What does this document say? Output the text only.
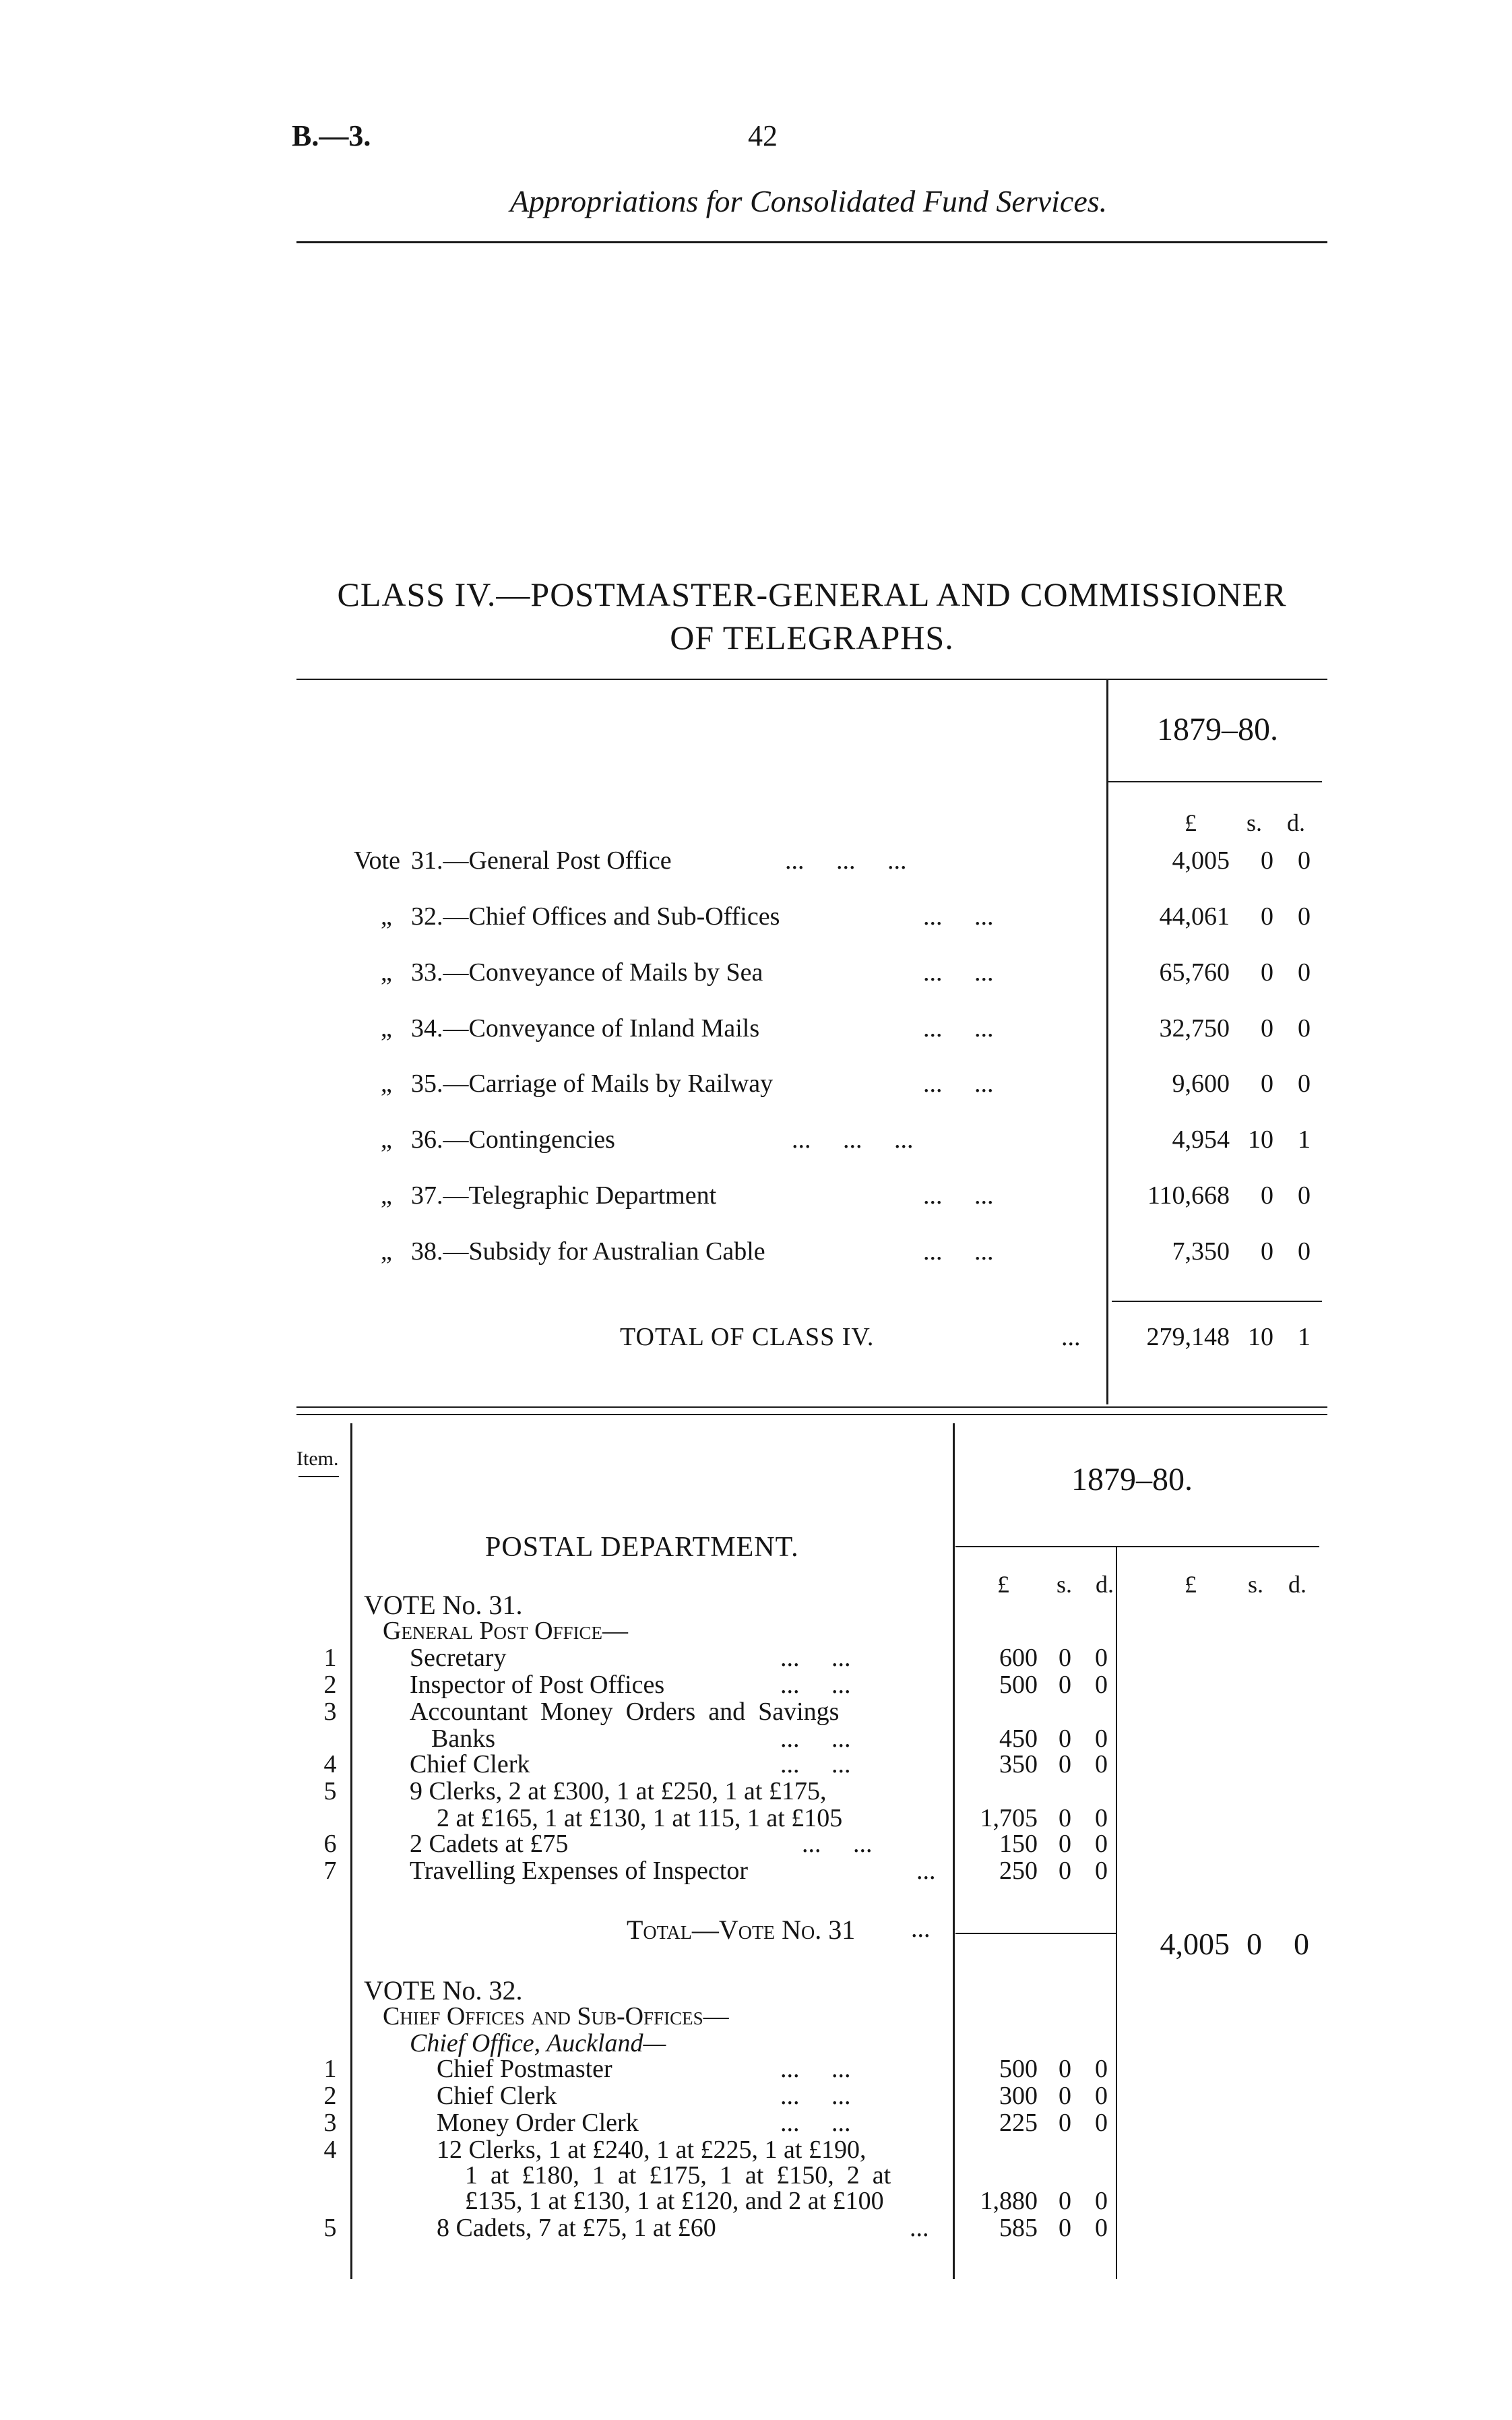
B.—3.	42
Appropriations for Consolidated Fund Services.
CLASS IV.—POSTMASTER-GENERAL AND COMMISSIONER
OF TELEGRAPHS.
1879–80.
£ s. d.
Vote 31.—General Post Office	...     ...     ...	4,005	0 0
„ 32.—Chief Offices and Sub-Offices	...     ...	44,061	0 0
„ 33.—Conveyance of Mails by Sea	...     ...	65,760	0 0
„ 34.—Conveyance of Inland Mails	...     ...	32,750	0 0
„ 35.—Carriage of Mails by Railway	...     ...	9,600	0 0
„ 36.—Contingencies	...     ...     ...	4,954 10 1
„ 37.—Telegraphic Department	...     ...	110,668	0 0
„ 38.—Subsidy for Australian Cable	...     ...	7,350	0 0
TOTAL OF CLASS IV.	...	279,148 10 1
Item.
1879–80.
POSTAL DEPARTMENT.
£ s. d.	£ s. d.
VOTE No. 31.
General Post Office—
1	Secretary	...     ...	600 0 0
2	Inspector of Post Offices	...     ...	500 0 0
3	Accountant  Money  Orders  and  Savings
Banks	...     ...	450 0 0
4	Chief Clerk	...     ...	350 0 0
5	9 Clerks, 2 at £300, 1 at £250, 1 at £175,
2 at £165, 1 at £130, 1 at 115, 1 at £105	1,705 0 0
6	2 Cadets at £75	...     ...	150 0 0
7	Travelling Expenses of Inspector	...	250 0 0
Total—Vote No. 31 ...	4,005 0 0
VOTE No. 32.
Chief Offices and Sub-Offices—
Chief Office, Auckland—
1	Chief Postmaster	...     ...	500 0 0
2	Chief Clerk	...     ...	300 0 0
3	Money Order Clerk	...     ...	225 0 0
4	12 Clerks, 1 at £240, 1 at £225, 1 at £190,
1  at  £180,  1  at  £175,  1  at  £150,  2  at
£135, 1 at £130, 1 at £120, and 2 at £100	1,880 0 0
5	8 Cadets, 7 at £75, 1 at £60	...	585 0 0
